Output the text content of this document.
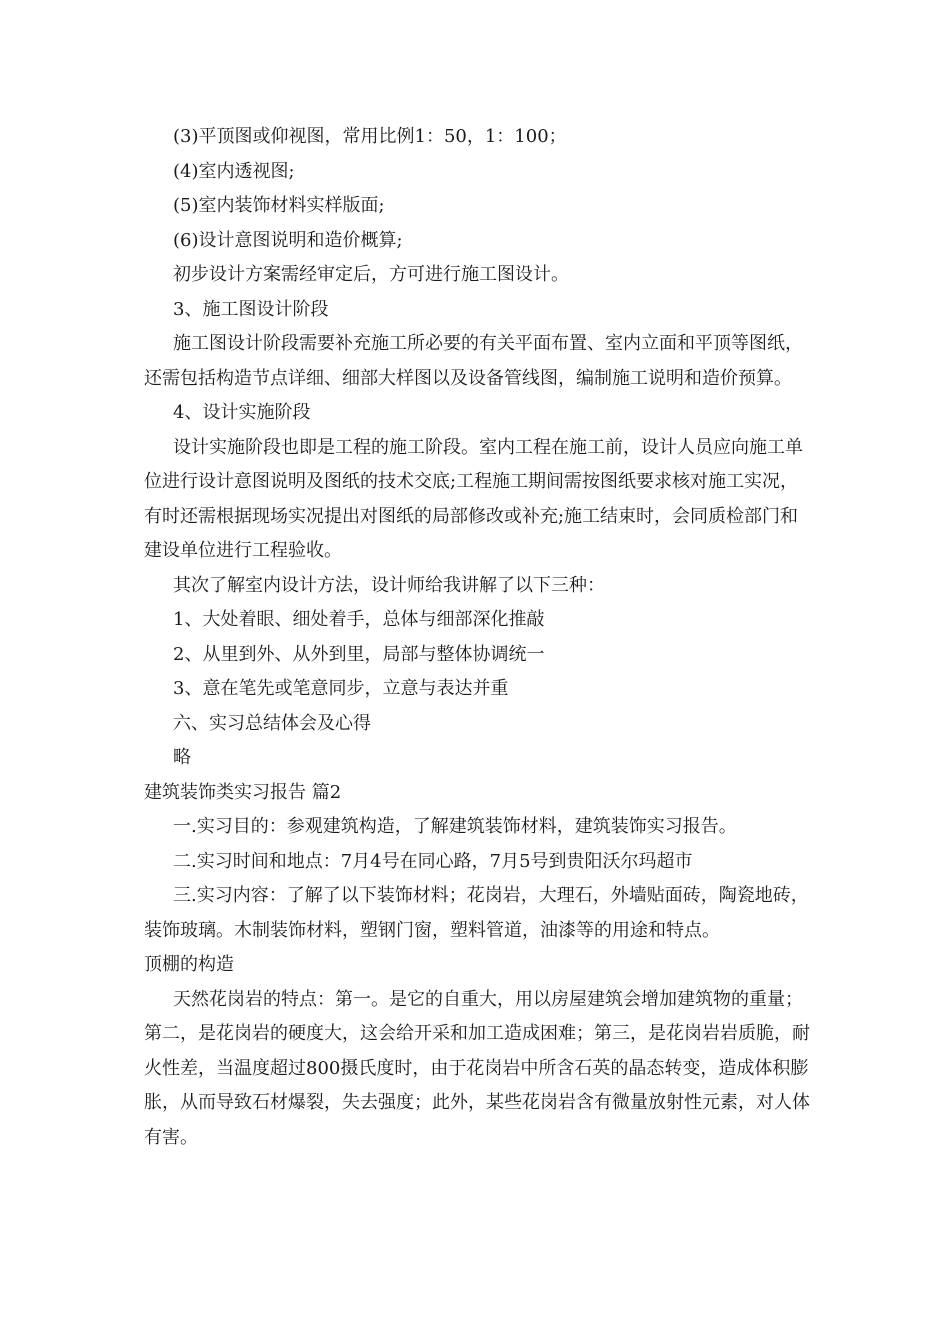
(3)平顶图或仰视图，常用比例1：50，1：100；

(4)室内透视图;

(5)室内装饰材料实样版面;

(6)设计意图说明和造价概算;

初步设计方案需经审定后，方可进行施工图设计。

3、施工图设计阶段

施工图设计阶段需要补充施工所必要的有关平面布置、室内立面和平顶等图纸，还需包括构造节点详细、细部大样图以及设备管线图，编制施工说明和造价预算。

4、设计实施阶段

设计实施阶段也即是工程的施工阶段。室内工程在施工前，设计人员应向施工单位进行设计意图说明及图纸的技术交底;工程施工期间需按图纸要求核对施工实况，有时还需根据现场实况提出对图纸的局部修改或补充;施工结束时，会同质检部门和建设单位进行工程验收。

其次了解室内设计方法，设计师给我讲解了以下三种：

1、大处着眼、细处着手，总体与细部深化推敲

2、从里到外、从外到里，局部与整体协调统一

3、意在笔先或笔意同步，立意与表达并重

六、实习总结体会及心得

略

建筑装饰类实习报告 篇2

一.实习目的：参观建筑构造，了解建筑装饰材料，建筑装饰实习报告。

二.实习时间和地点：7月4号在同心路，7月5号到贵阳沃尔玛超市

三.实习内容：了解了以下装饰材料；花岗岩，大理石，外墙贴面砖，陶瓷地砖，装饰玻璃。木制装饰材料，塑钢门窗，塑料管道，油漆等的用途和特点。

顶棚的构造

天然花岗岩的特点：第一。是它的自重大，用以房屋建筑会增加建筑物的重量；第二，是花岗岩的硬度大，这会给开采和加工造成困难；第三，是花岗岩岩质脆，耐火性差，当温度超过800摄氏度时，由于花岗岩中所含石英的晶态转变，造成体积膨胀，从而导致石材爆裂，失去强度；此外，某些花岗岩含有微量放射性元素，对人体有害。
